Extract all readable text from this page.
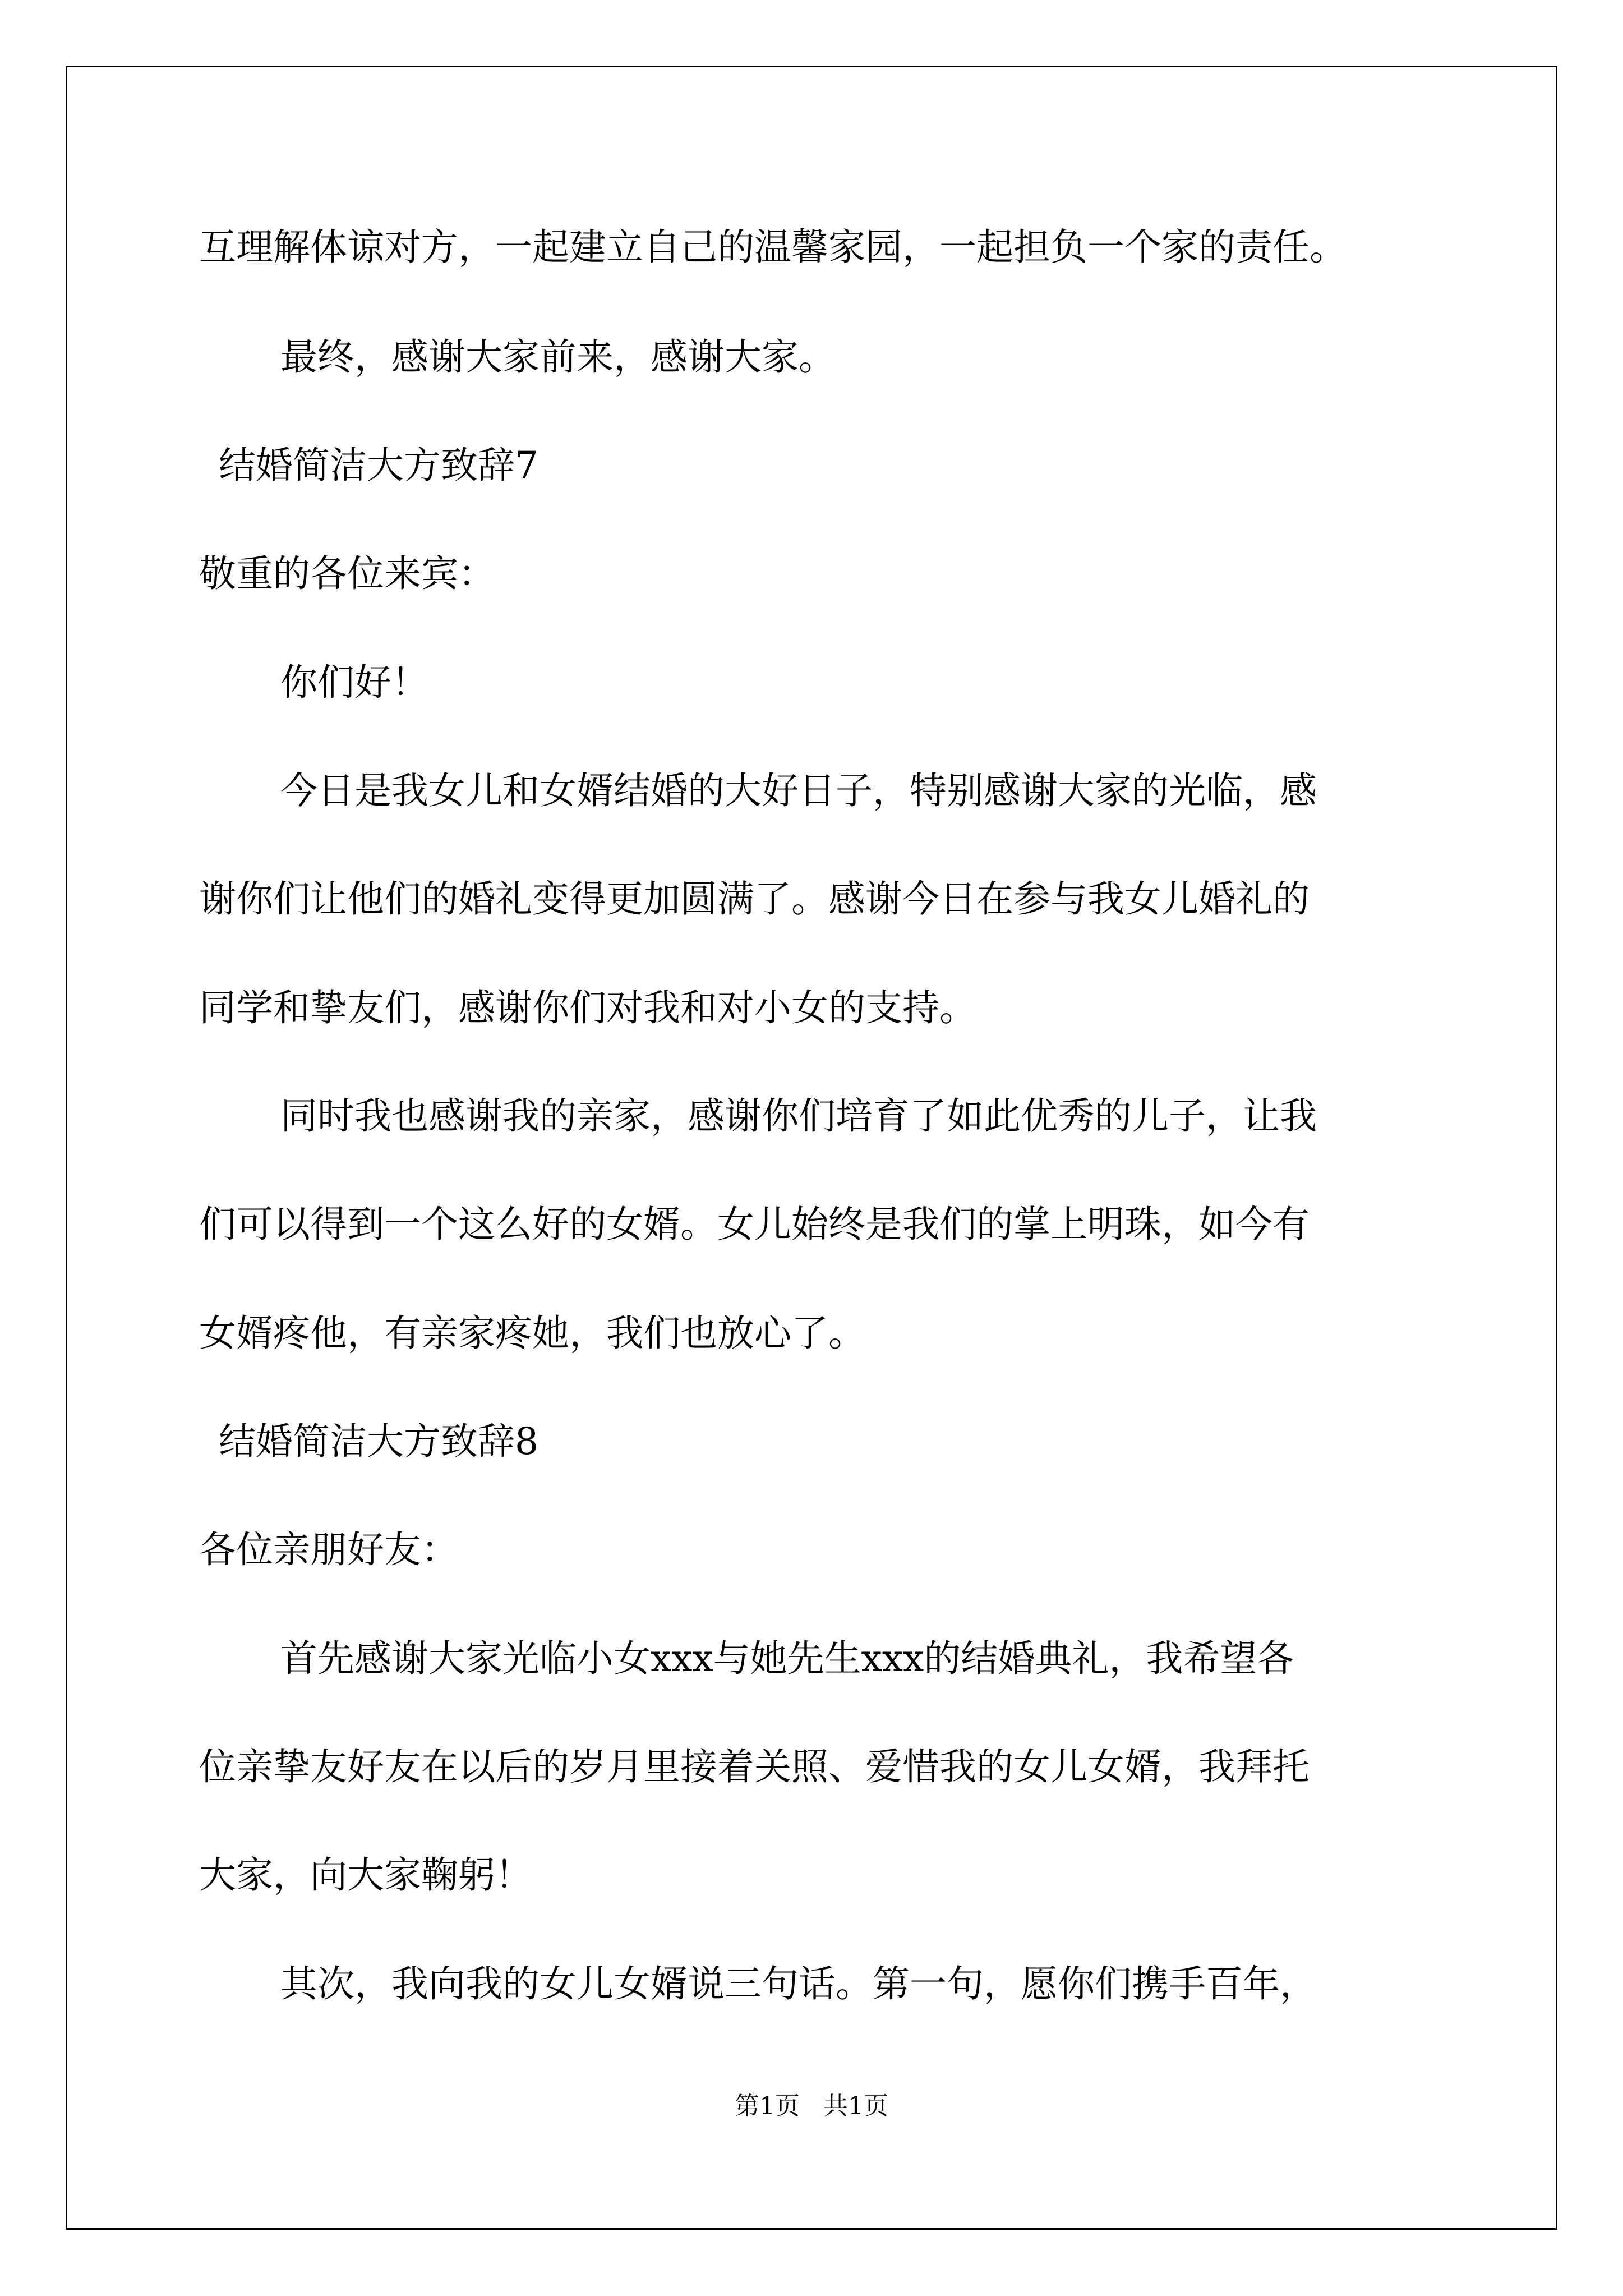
互理解体谅对方，一起建立自己的温馨家园，一起担负一个家的责任。

最终，感谢大家前来，感谢大家。

结婚简洁大方致辞7

敬重的各位来宾：

你们好！

今日是我女儿和女婿结婚的大好日子，特别感谢大家的光临，感

谢你们让他们的婚礼变得更加圆满了。感谢今日在参与我女儿婚礼的

同学和挚友们，感谢你们对我和对小女的支持。

同时我也感谢我的亲家，感谢你们培育了如此优秀的儿子，让我

们可以得到一个这么好的女婿。女儿始终是我们的掌上明珠，如今有

女婿疼他，有亲家疼她，我们也放心了。

结婚简洁大方致辞8

各位亲朋好友：

首先感谢大家光临小女xxx与她先生xxx的结婚典礼，我希望各

位亲挚友好友在以后的岁月里接着关照、爱惜我的女儿女婿，我拜托

大家，向大家鞠躬！

其次，我向我的女儿女婿说三句话。第一句，愿你们携手百年，

第1页   共1页
